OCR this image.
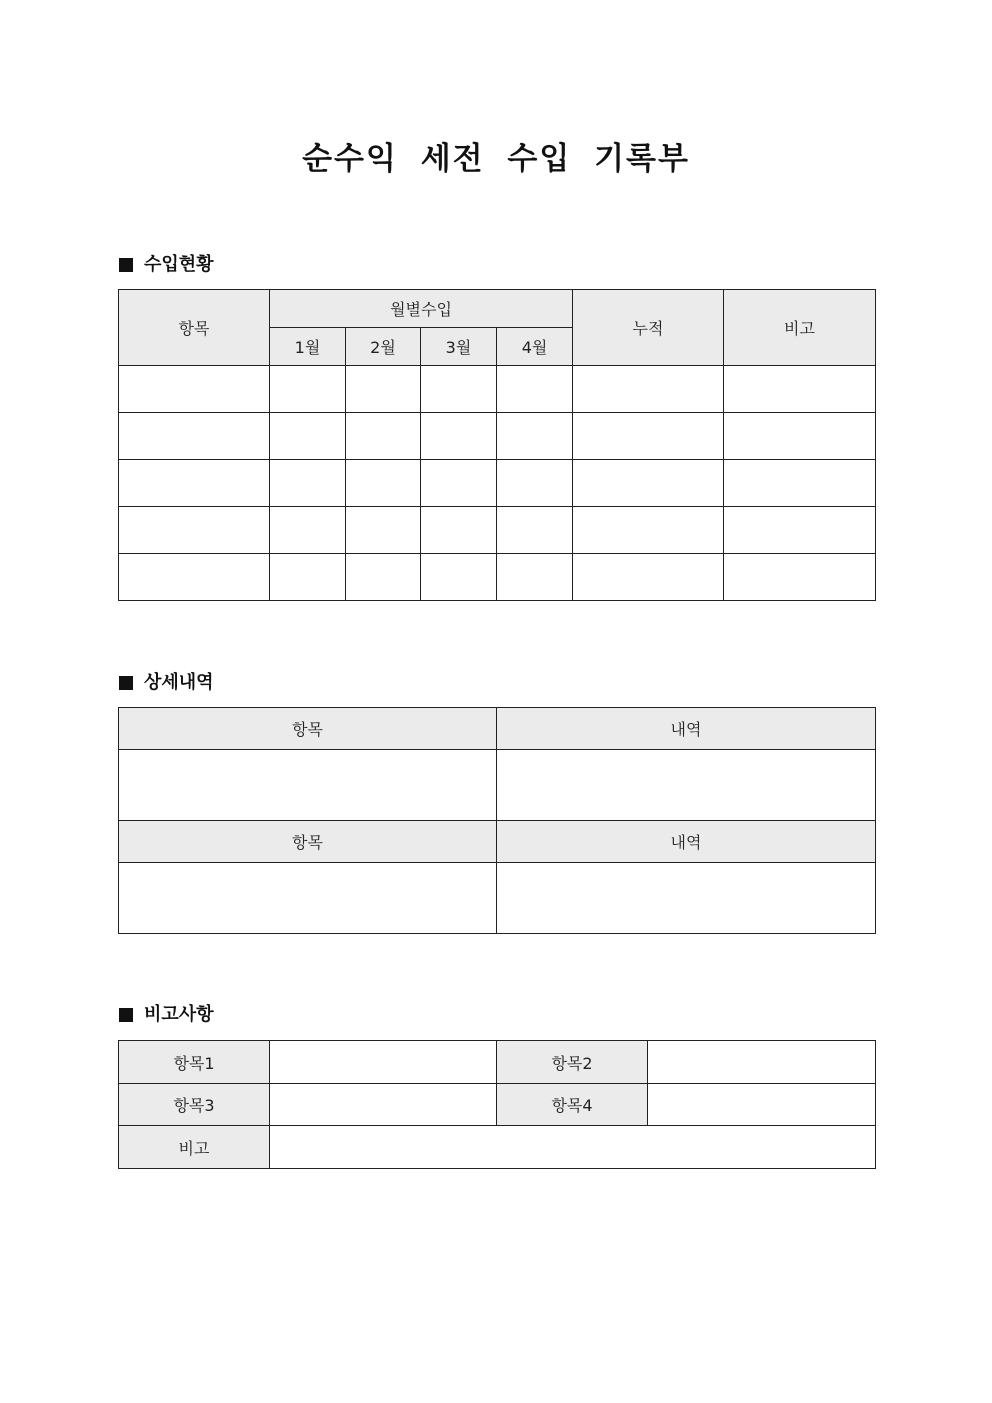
순수익 세전 수입 기록부
수입현황
항목	월별수입				누적	비고
	1월	2월	3월	4월		

상세내역
항목	내역

항목	내역

비고사항
항목1		항목2	
항목3		항목4	
비고			
